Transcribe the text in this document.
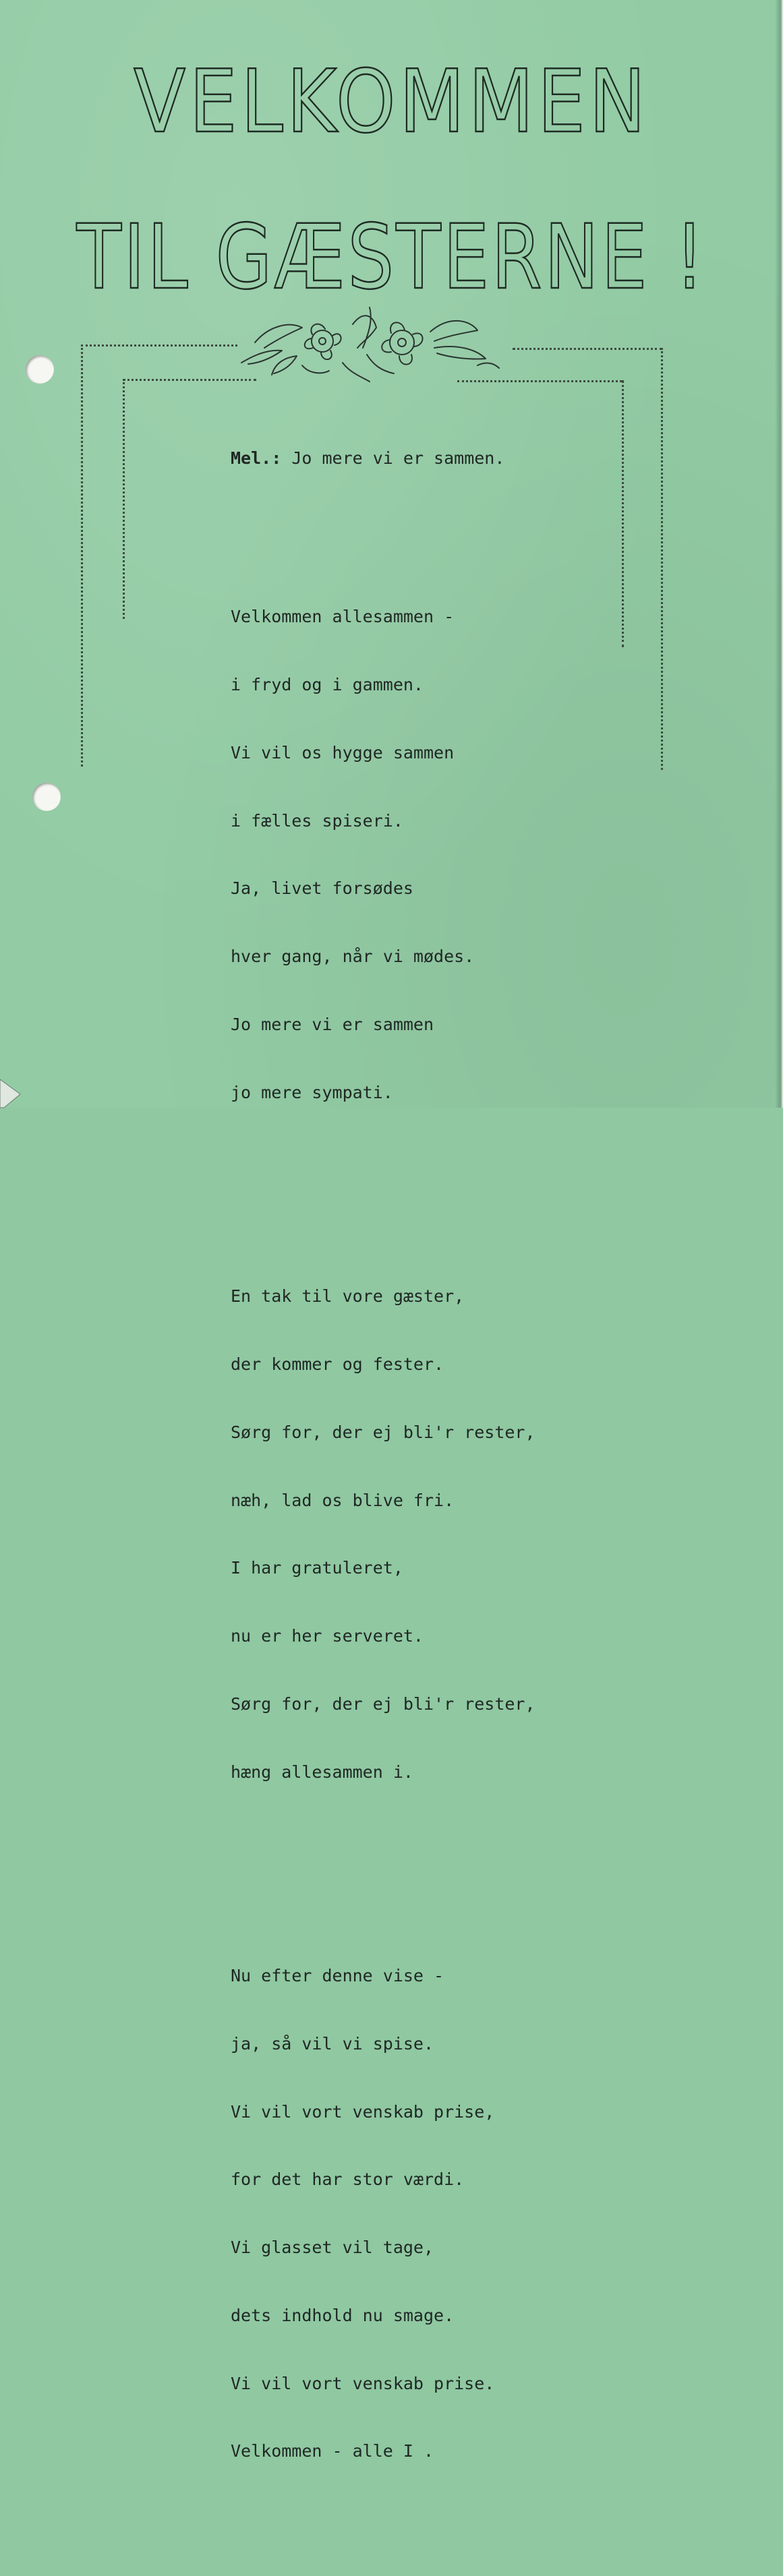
VELKOMMEN
TIL GÆSTERNE !

Mel.: Jo mere vi er sammen.

Velkommen allesammen -

i fryd og i gammen.

Vi vil os hygge sammen

i fælles spiseri.

Ja, livet forsødes

hver gang, når vi mødes.

Jo mere vi er sammen

jo mere sympati.

En tak til vore gæster,

der kommer og fester.

Sørg for, der ej bli'r rester,

næh, lad os blive fri.

I har gratuleret,

nu er her serveret.

Sørg for, der ej bli'r rester,

hæng allesammen i.

Nu efter denne vise -

ja, så vil vi spise.

Vi vil vort venskab prise,

for det har stor værdi.

Vi glasset vil tage,

dets indhold nu smage.

Vi vil vort venskab prise.

Velkommen - alle I .
